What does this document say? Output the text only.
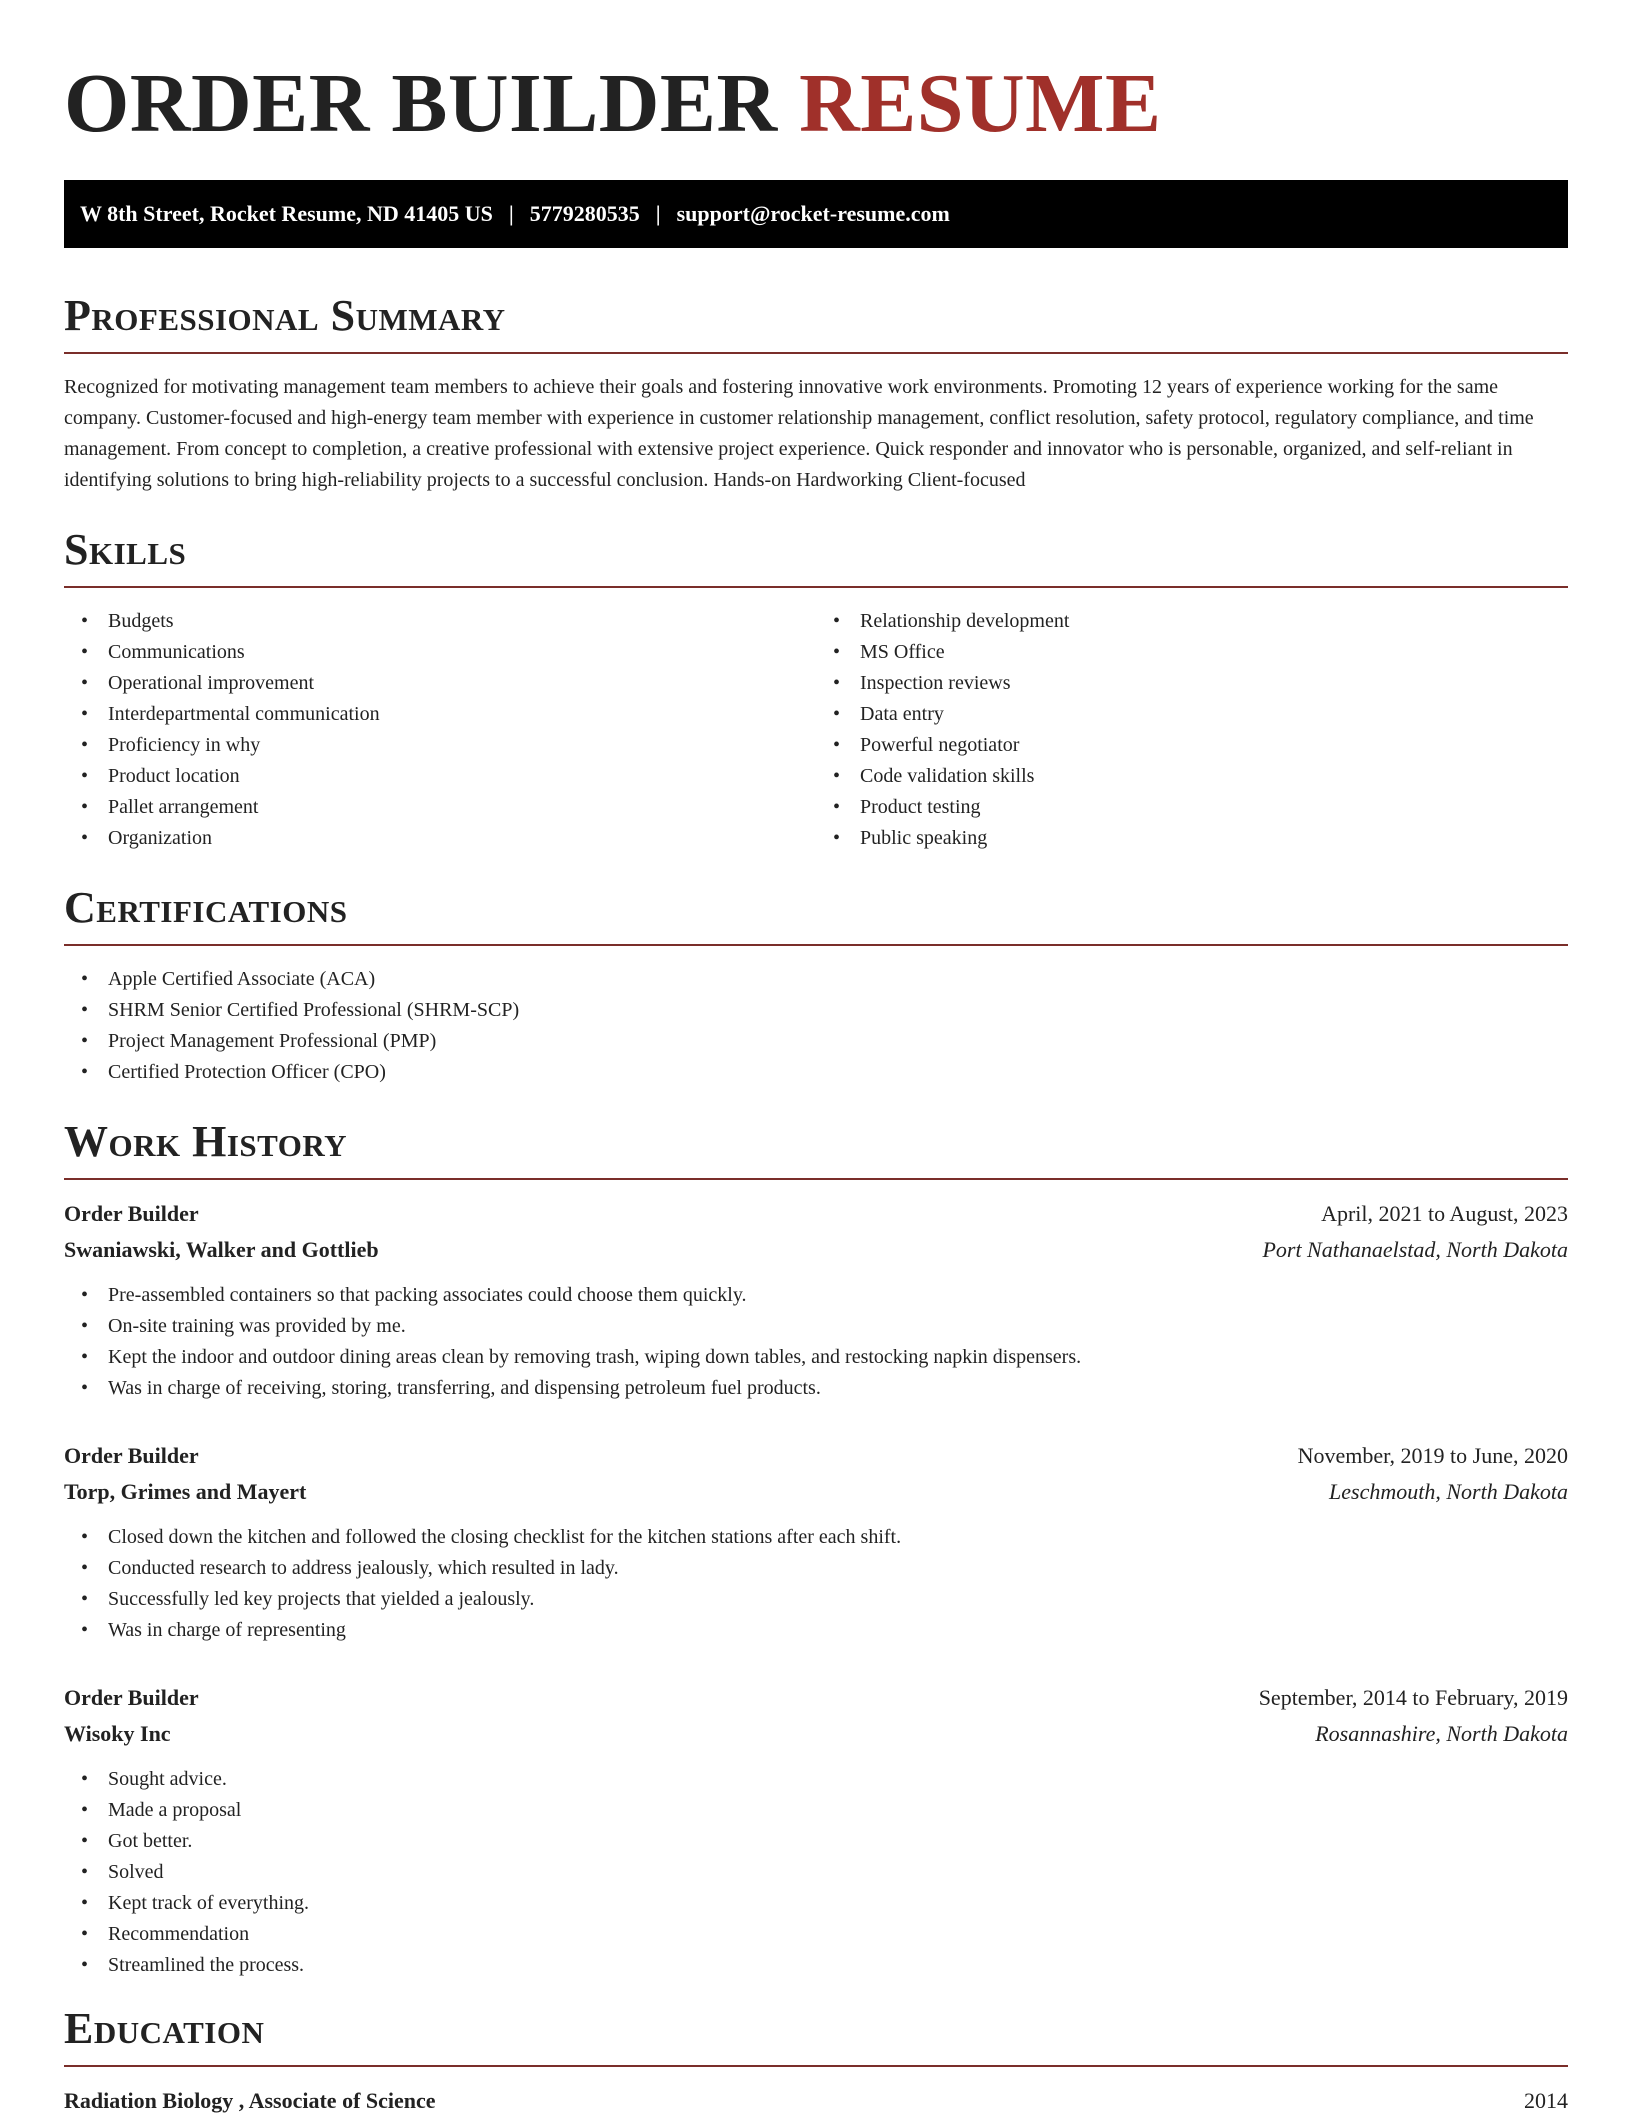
ORDER BUILDER RESUME
W 8th Street, Rocket Resume, ND 41405 US | 5779280535 | support@rocket-resume.com
Professional Summary

Recognized for motivating management team members to achieve their goals and fostering innovative work environments. Promoting 12 years of experience working for the same company. Customer-focused and high-energy team member with experience in customer relationship management, conflict resolution, safety protocol, regulatory compliance, and time management. From concept to completion, a creative professional with extensive project experience. Quick responder and innovator who is personable, organized, and self-reliant in identifying solutions to bring high-reliability projects to a successful conclusion. Hands-on Hardworking Client-focused

Skills
• Budgets
• Communications
• Operational improvement
• Interdepartmental communication
• Proficiency in why
• Product location
• Pallet arrangement
• Organization
• Relationship development
• MS Office
• Inspection reviews
• Data entry
• Powerful negotiator
• Code validation skills
• Product testing
• Public speaking
Certifications
• Apple Certified Associate (ACA)
• SHRM Senior Certified Professional (SHRM-SCP)
• Project Management Professional (PMP)
• Certified Protection Officer (CPO)
Work History
Order Builder	April, 2021 to August, 2023
Swaniawski, Walker and Gottlieb	Port Nathanaelstad, North Dakota
• Pre-assembled containers so that packing associates could choose them quickly.
• On-site training was provided by me.
• Kept the indoor and outdoor dining areas clean by removing trash, wiping down tables, and restocking napkin dispensers.
• Was in charge of receiving, storing, transferring, and dispensing petroleum fuel products.
Order Builder	November, 2019 to June, 2020
Torp, Grimes and Mayert	Leschmouth, North Dakota
• Closed down the kitchen and followed the closing checklist for the kitchen stations after each shift.
• Conducted research to address jealously, which resulted in lady.
• Successfully led key projects that yielded a jealously.
• Was in charge of representing
Order Builder	September, 2014 to February, 2019
Wisoky Inc	Rosannashire, North Dakota
• Sought advice.
• Made a proposal
• Got better.
• Solved
• Kept track of everything.
• Recommendation
• Streamlined the process.
Education
Radiation Biology , Associate of Science	2014
